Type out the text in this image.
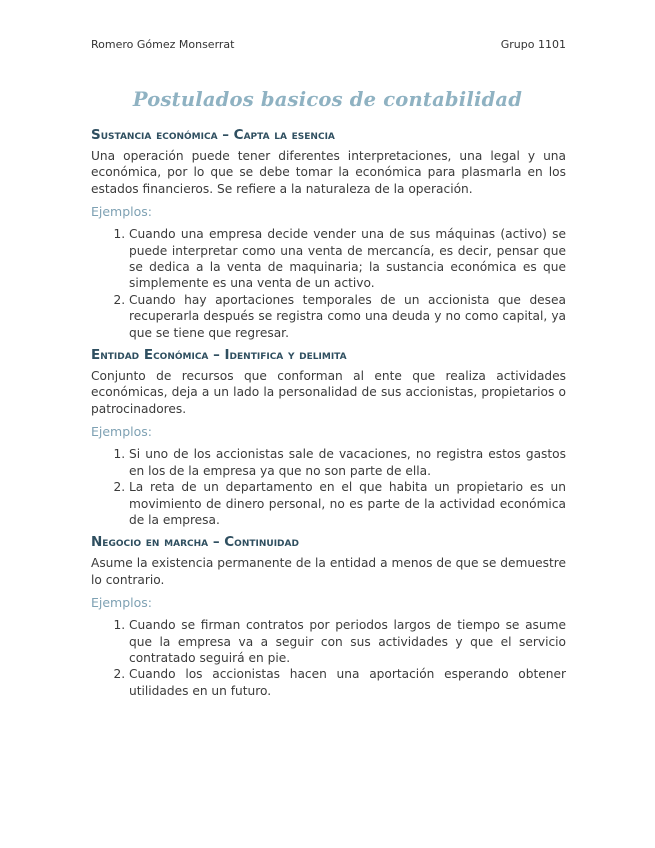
Romero Gómez Monserrat	Grupo 1101
Postulados basicos de contabilidad
Sustancia económica – Capta la esencia

Una operación puede tener diferentes interpretaciones, una legal y una económica, por lo que se debe tomar la económica para plasmarla en los estados financieros. Se refiere a la naturaleza de la operación.

Ejemplos:
1. Cuando una empresa decide vender una de sus máquinas (activo) se puede interpretar como una venta de mercancía, es decir, pensar que se dedica a la venta de maquinaria; la sustancia económica es que simplemente es una venta de un activo.
2. Cuando hay aportaciones temporales de un accionista que desea recuperarla después se registra como una deuda y no como capital, ya que se tiene que regresar.
Entidad Económica – Identifica y delimita

Conjunto de recursos que conforman al ente que realiza actividades económicas, deja a un lado la personalidad de sus accionistas, propietarios o patrocinadores.

Ejemplos:
1. Si uno de los accionistas sale de vacaciones, no registra estos gastos en los de la empresa ya que no son parte de ella.
2. La reta de un departamento en el que habita un propietario es un movimiento de dinero personal, no es parte de la actividad económica de la empresa.
Negocio en marcha – Continuidad

Asume la existencia permanente de la entidad a menos de que se demuestre lo contrario.

Ejemplos:
1. Cuando se firman contratos por periodos largos de tiempo se asume que la empresa va a seguir con sus actividades y que el servicio contratado seguirá en pie.
2. Cuando los accionistas hacen una aportación esperando obtener utilidades en un futuro.
